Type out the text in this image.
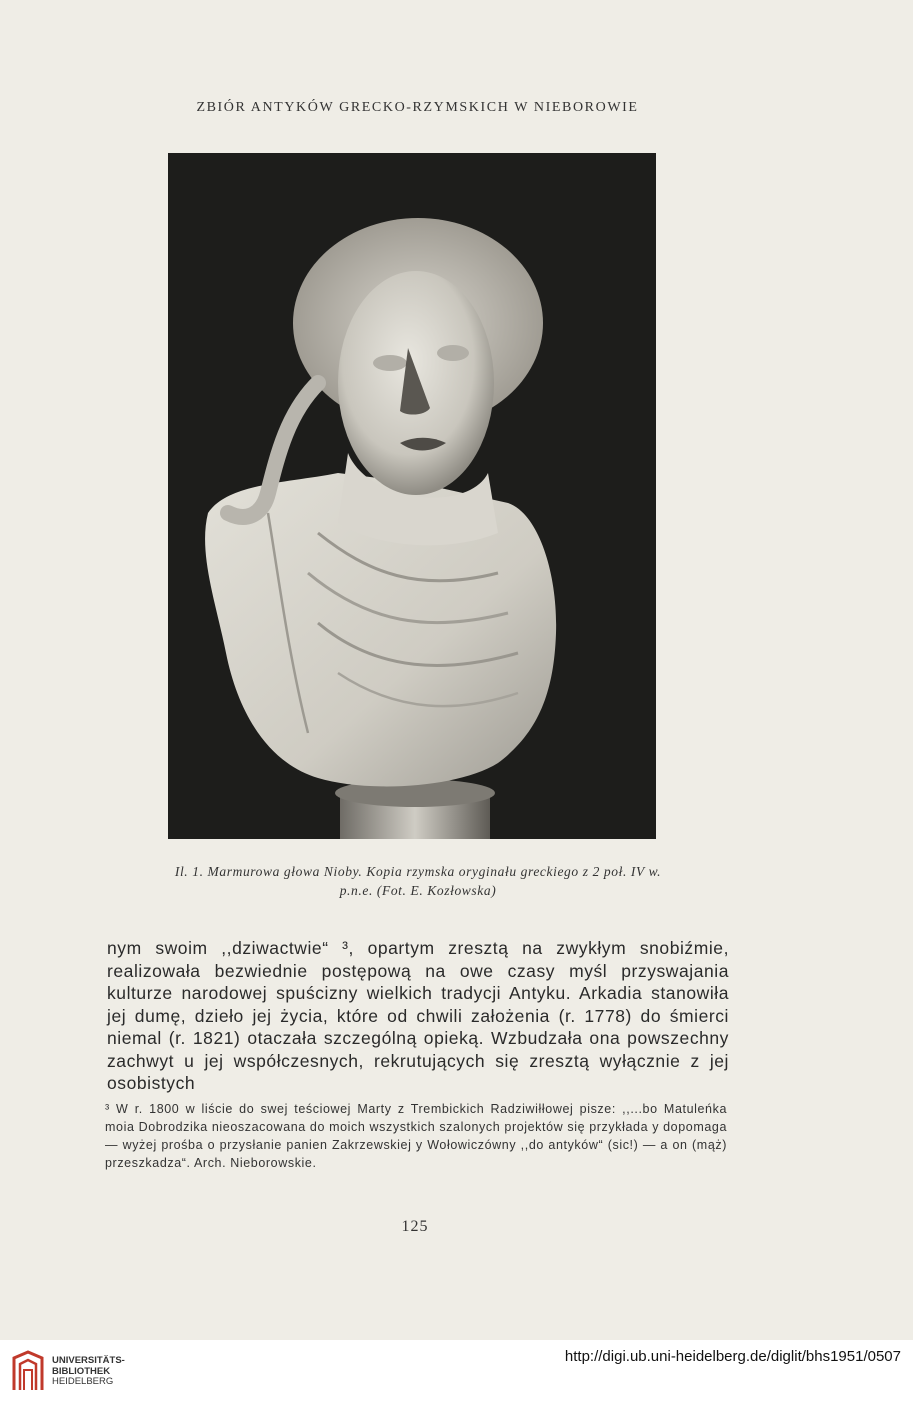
ZBIÓR ANTYKÓW GRECKO-RZYMSKICH W NIEBOROWIE
Il. 1. Marmurowa głowa Nioby. Kopia rzymska oryginału greckiego z 2 poł. IV w.
p.n.e. (Fot. E. Kozłowska)
nym swoim ,,dziwactwie“ ³, opartym zresztą na zwykłym snobiźmie, realizowała bezwiednie postępową na owe czasy myśl przyswajania kulturze narodowej spuścizny wielkich tradycji Antyku. Arkadia stanowiła jej dumę, dzieło jej życia, które od chwili założenia (r. 1778) do śmierci niemal (r. 1821) otaczała szczególną opieką. Wzbudzała ona powszechny zachwyt u jej współczesnych, rekrutujących się zresztą wyłącznie z jej osobistych
³ W r. 1800 w liście do swej teściowej Marty z Trembickich Radziwiłłowej pisze: ,,...bo Matuleńka moia Dobrodzika nieoszacowana do moich wszystkich szalonych projektów się przykłada y dopomaga — wyżej prośba o przysłanie panien Zakrzewskiej y Wołowiczówny ,,do antyków“ (sic!) — a on (mąż) przeszkadza“. Arch. Nieborowskie.
125
UNIVERSITÄTS-
BIBLIOTHEK
HEIDELBERG
http://digi.ub.uni-heidelberg.de/diglit/bhs1951/0507
